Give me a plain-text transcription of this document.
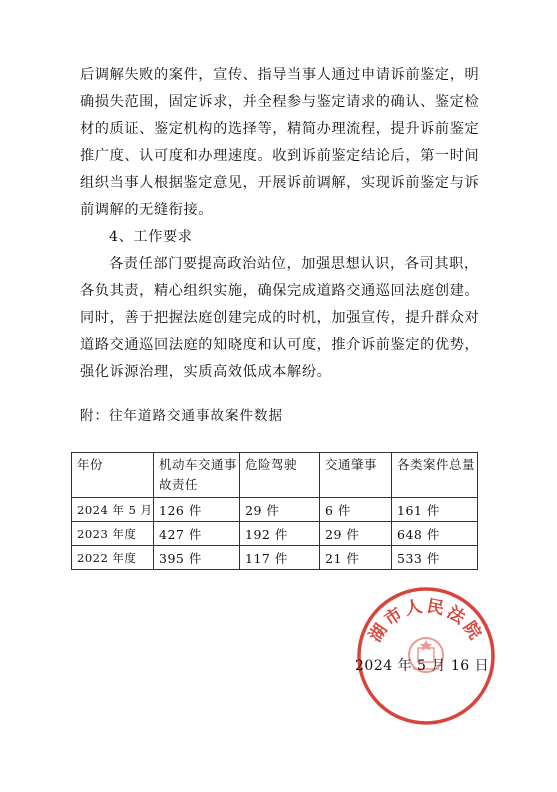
后调解失败的案件，宣传、指导当事人通过申请诉前鉴定，明确损失范围，固定诉求，并全程参与鉴定请求的确认、鉴定检材的质证、鉴定机构的选择等，精简办理流程，提升诉前鉴定推广度、认可度和办理速度。收到诉前鉴定结论后，第一时间组织当事人根据鉴定意见，开展诉前调解，实现诉前鉴定与诉前调解的无缝衔接。

4、工作要求

各责任部门要提高政治站位，加强思想认识，各司其职，各负其责，精心组织实施，确保完成道路交通巡回法庭创建。同时，善于把握法庭创建完成的时机，加强宣传，提升群众对道路交通巡回法庭的知晓度和认可度，推介诉前鉴定的优势，强化诉源治理，实质高效低成本解纷。

附：往年道路交通事故案件数据
年份	机动车交通事故责任	危险驾驶	交通肇事	各类案件总量
2024 年 5 月	126 件	29 件	6 件	161 件
2023 年度	427 件	192 件	29 件	648 件
2022 年度	395 件	117 件	21 件	533 件
湖市人民法院
2024 年 5 月 16 日
